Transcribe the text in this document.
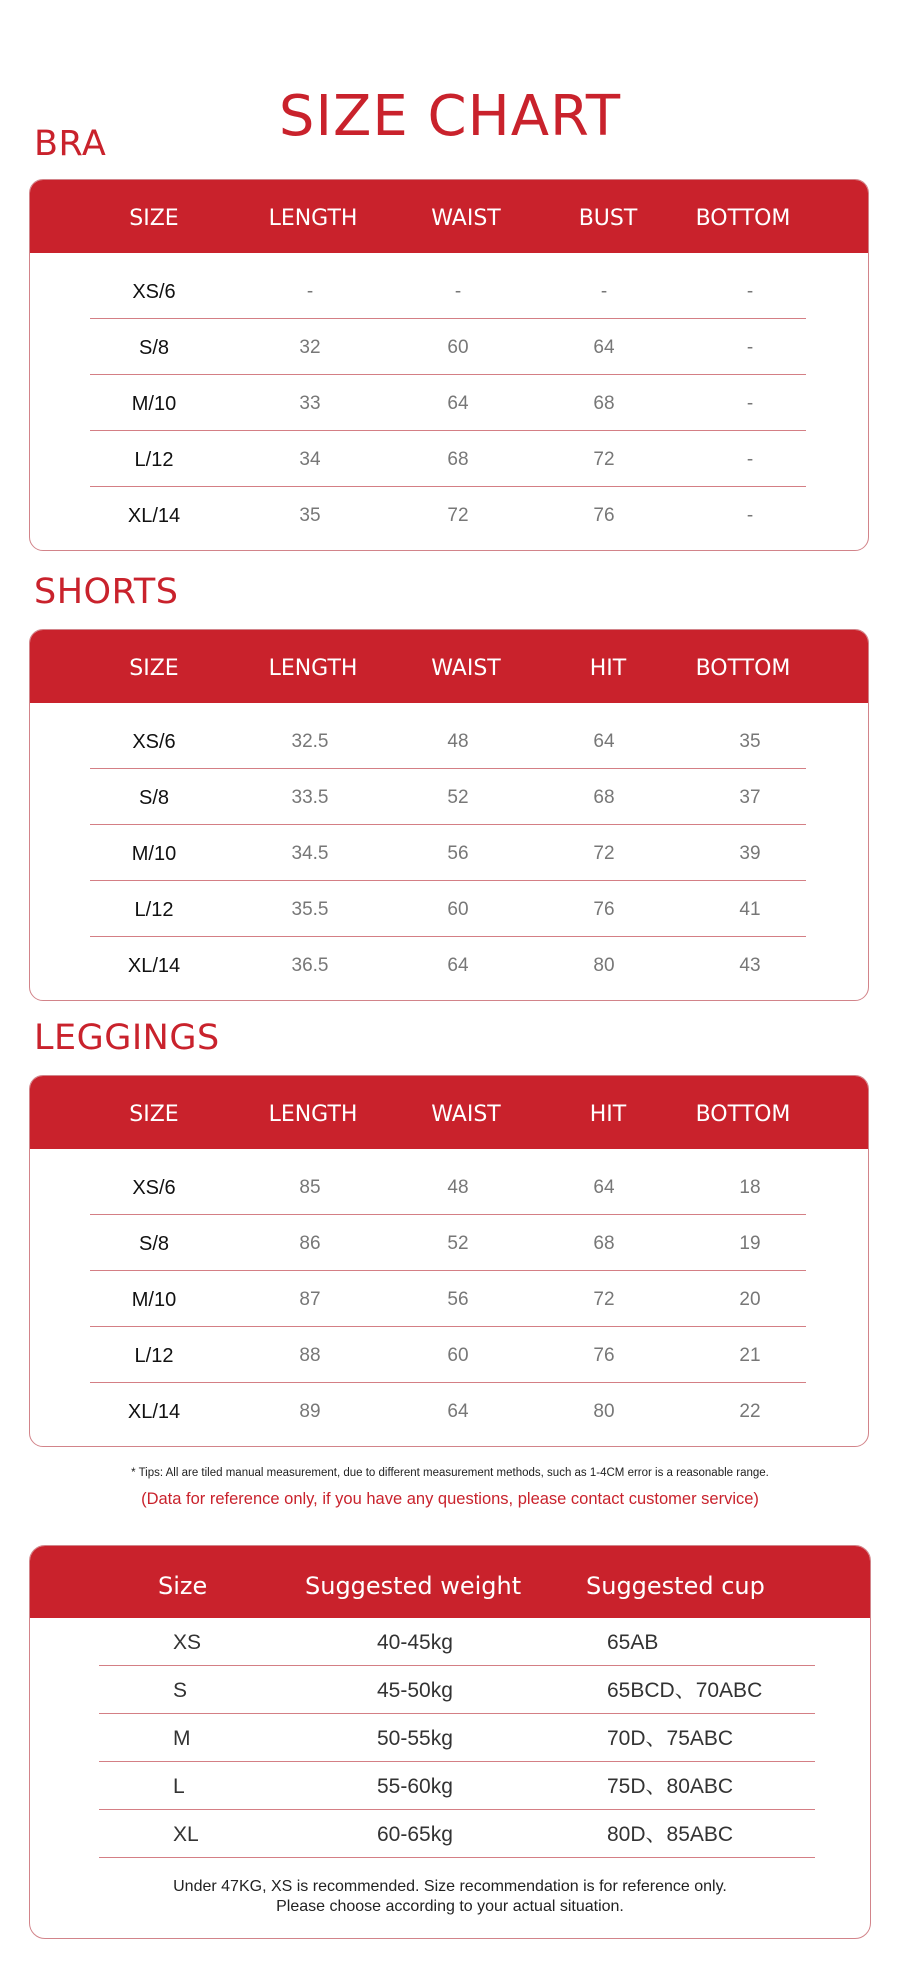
SIZE CHART
BRA
SIZE	LENGTH	WAIST	BUST	BOTTOM
XS/6	-	-	-	-
S/8	32	60	64	-
M/10	33	64	68	-
L/12	34	68	72	-
XL/14	35	72	76	-
SHORTS
SIZE	LENGTH	WAIST	HIT	BOTTOM
XS/6	32.5	48	64	35
S/8	33.5	52	68	37
M/10	34.5	56	72	39
L/12	35.5	60	76	41
XL/14	36.5	64	80	43
LEGGINGS
SIZE	LENGTH	WAIST	HIT	BOTTOM
XS/6	85	48	64	18
S/8	86	52	68	19
M/10	87	56	72	20
L/12	88	60	76	21
XL/14	89	64	80	22
* Tips: All are tiled manual measurement, due to different measurement methods, such as 1-4CM error is a reasonable range.
(Data for reference only, if you have any questions, please contact customer service)
Size	Suggested weight	Suggested cup
XS	40-45kg	65AB
S	45-50kg	65BCD、70ABC
M	50-55kg	70D、75ABC
L	55-60kg	75D、80ABC
XL	60-65kg	80D、85ABC
Under 47KG, XS is recommended. Size recommendation is for reference only.
Please choose according to your actual situation.
